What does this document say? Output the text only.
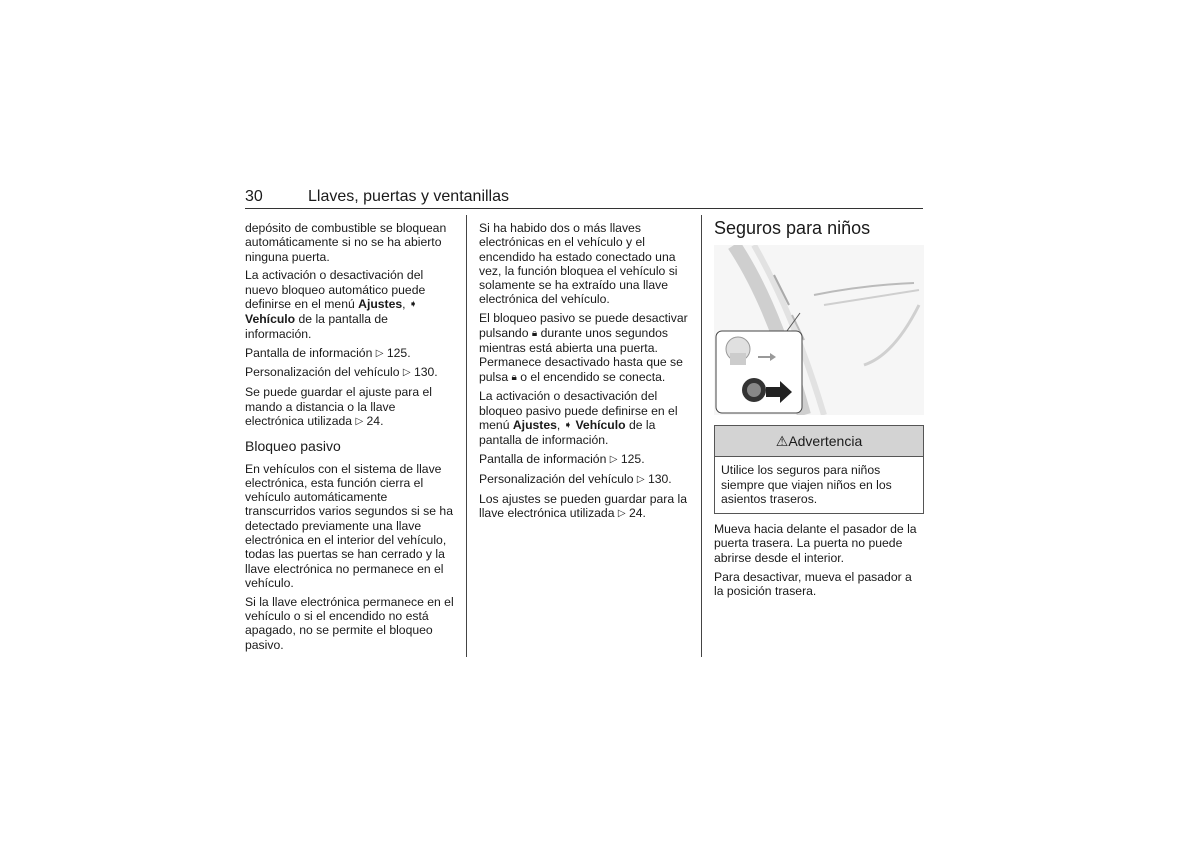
30	Llaves, puertas y ventanillas

depósito de combustible se bloquean automáticamente si no se ha abierto ninguna puerta.

La activación o desactivación del nuevo bloqueo automático puede definirse en el menú Ajustes, ➧ Vehículo de la pantalla de información.

Pantalla de información ▷ 125.

Personalización del vehículo ▷ 130.

Se puede guardar el ajuste para el mando a distancia o la llave electrónica utilizada ▷ 24.

Bloqueo pasivo

En vehículos con el sistema de llave electrónica, esta función cierra el vehículo automáticamente transcurridos varios segundos si se ha detectado previamente una llave electrónica en el interior del vehículo, todas las puertas se han cerrado y la llave electrónica no permanece en el vehículo.

Si la llave electrónica permanece en el vehículo o si el encendido no está apagado, no se permite el bloqueo pasivo.

Si ha habido dos o más llaves electrónicas en el vehículo y el encendido ha estado conectado una vez, la función bloquea el vehículo si solamente se ha extraído una llave electrónica del vehículo.

El bloqueo pasivo se puede desactivar pulsando 🔒︎ durante unos segundos mientras está abierta una puerta. Permanece desactivado hasta que se pulsa 🔒︎ o el encendido se conecta.

La activación o desactivación del bloqueo pasivo puede definirse en el menú Ajustes, ➧ Vehículo de la pantalla de información.

Pantalla de información ▷ 125.

Personalización del vehículo ▷ 130.

Los ajustes se pueden guardar para la llave electrónica utilizada ▷ 24.

Seguros para niños
⚠Advertencia
Utilice los seguros para niños siempre que viajen niños en los asientos traseros.

Mueva hacia delante el pasador de la puerta trasera. La puerta no puede abrirse desde el interior.

Para desactivar, mueva el pasador a la posición trasera.
